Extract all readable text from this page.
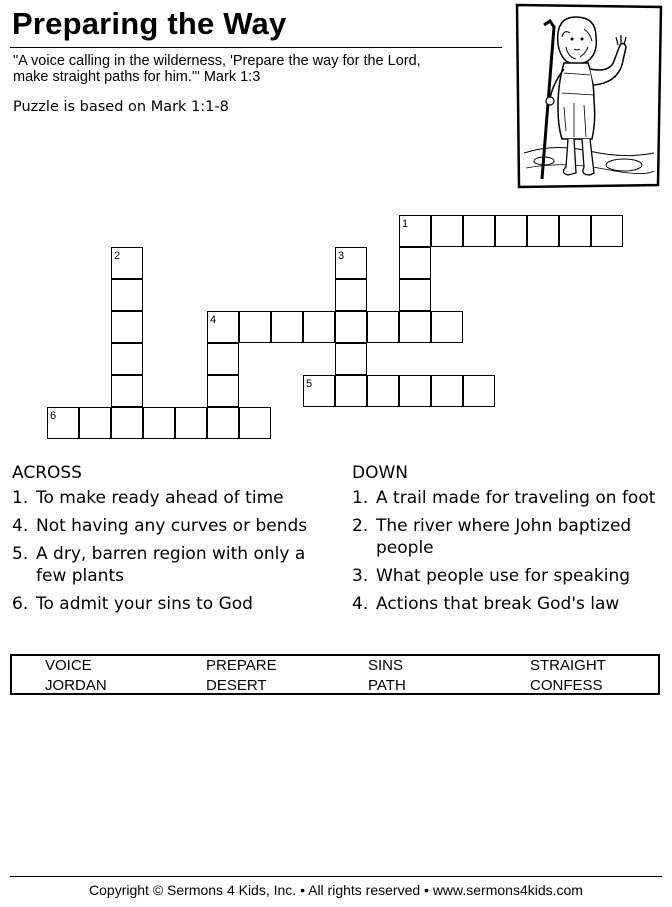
Preparing the Way
"A voice calling in the wilderness, 'Prepare the way for the Lord,
make straight paths for him.'" Mark 1:3
Puzzle is based on Mark 1:1-8
1
2	3
4
5
6
ACROSS
1. To make ready ahead of time
4. Not having any curves or bends
5. A dry, barren region with only a few plants
6. To admit your sins to God
DOWN
1. A trail made for traveling on foot
2. The river where John baptized people
3. What people use for speaking
4. Actions that break God's law
VOICE	PREPARE	SINS	STRAIGHT
JORDAN	DESERT	PATH	CONFESS
Copyright © Sermons 4 Kids, Inc. • All rights reserved • www.sermons4kids.com
